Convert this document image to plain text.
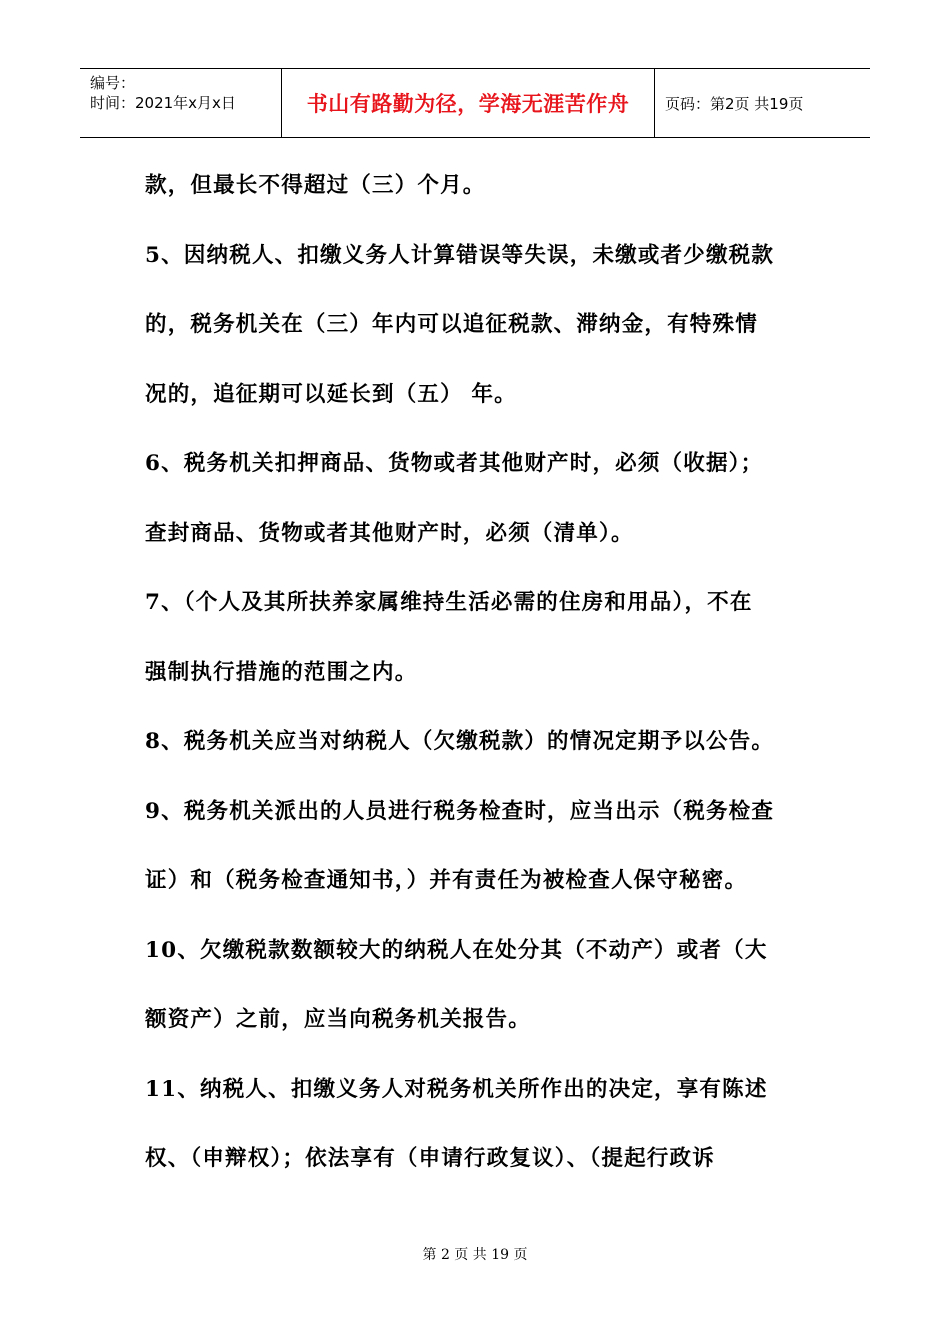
编号：
时间：2021年x月x日	书山有路勤为径，学海无涯苦作舟	页码：第2页 共19页
款，但最长不得超过（三）个月。
5、因纳税人、扣缴义务人计算错误等失误，未缴或者少缴税款
的，税务机关在（三）年内可以追征税款、滞纳金，有特殊情
况的，追征期可以延长到（五） 年。
6、税务机关扣押商品、货物或者其他财产时，必须（收据）；
查封商品、货物或者其他财产时，必须（清单）。
7、（个人及其所扶养家属维持生活必需的住房和用品），不在
强制执行措施的范围之内。
8、税务机关应当对纳税人（欠缴税款）的情况定期予以公告。
9、税务机关派出的人员进行税务检查时，应当出示（税务检查
证）和（税务检查通知书，）并有责任为被检查人保守秘密。
10、欠缴税款数额较大的纳税人在处分其（不动产）或者（大
额资产）之前，应当向税务机关报告。
11、纳税人、扣缴义务人对税务机关所作出的决定，享有陈述
权、（申辩权）；依法享有（申请行政复议）、（提起行政诉
第 2 页 共 19 页
